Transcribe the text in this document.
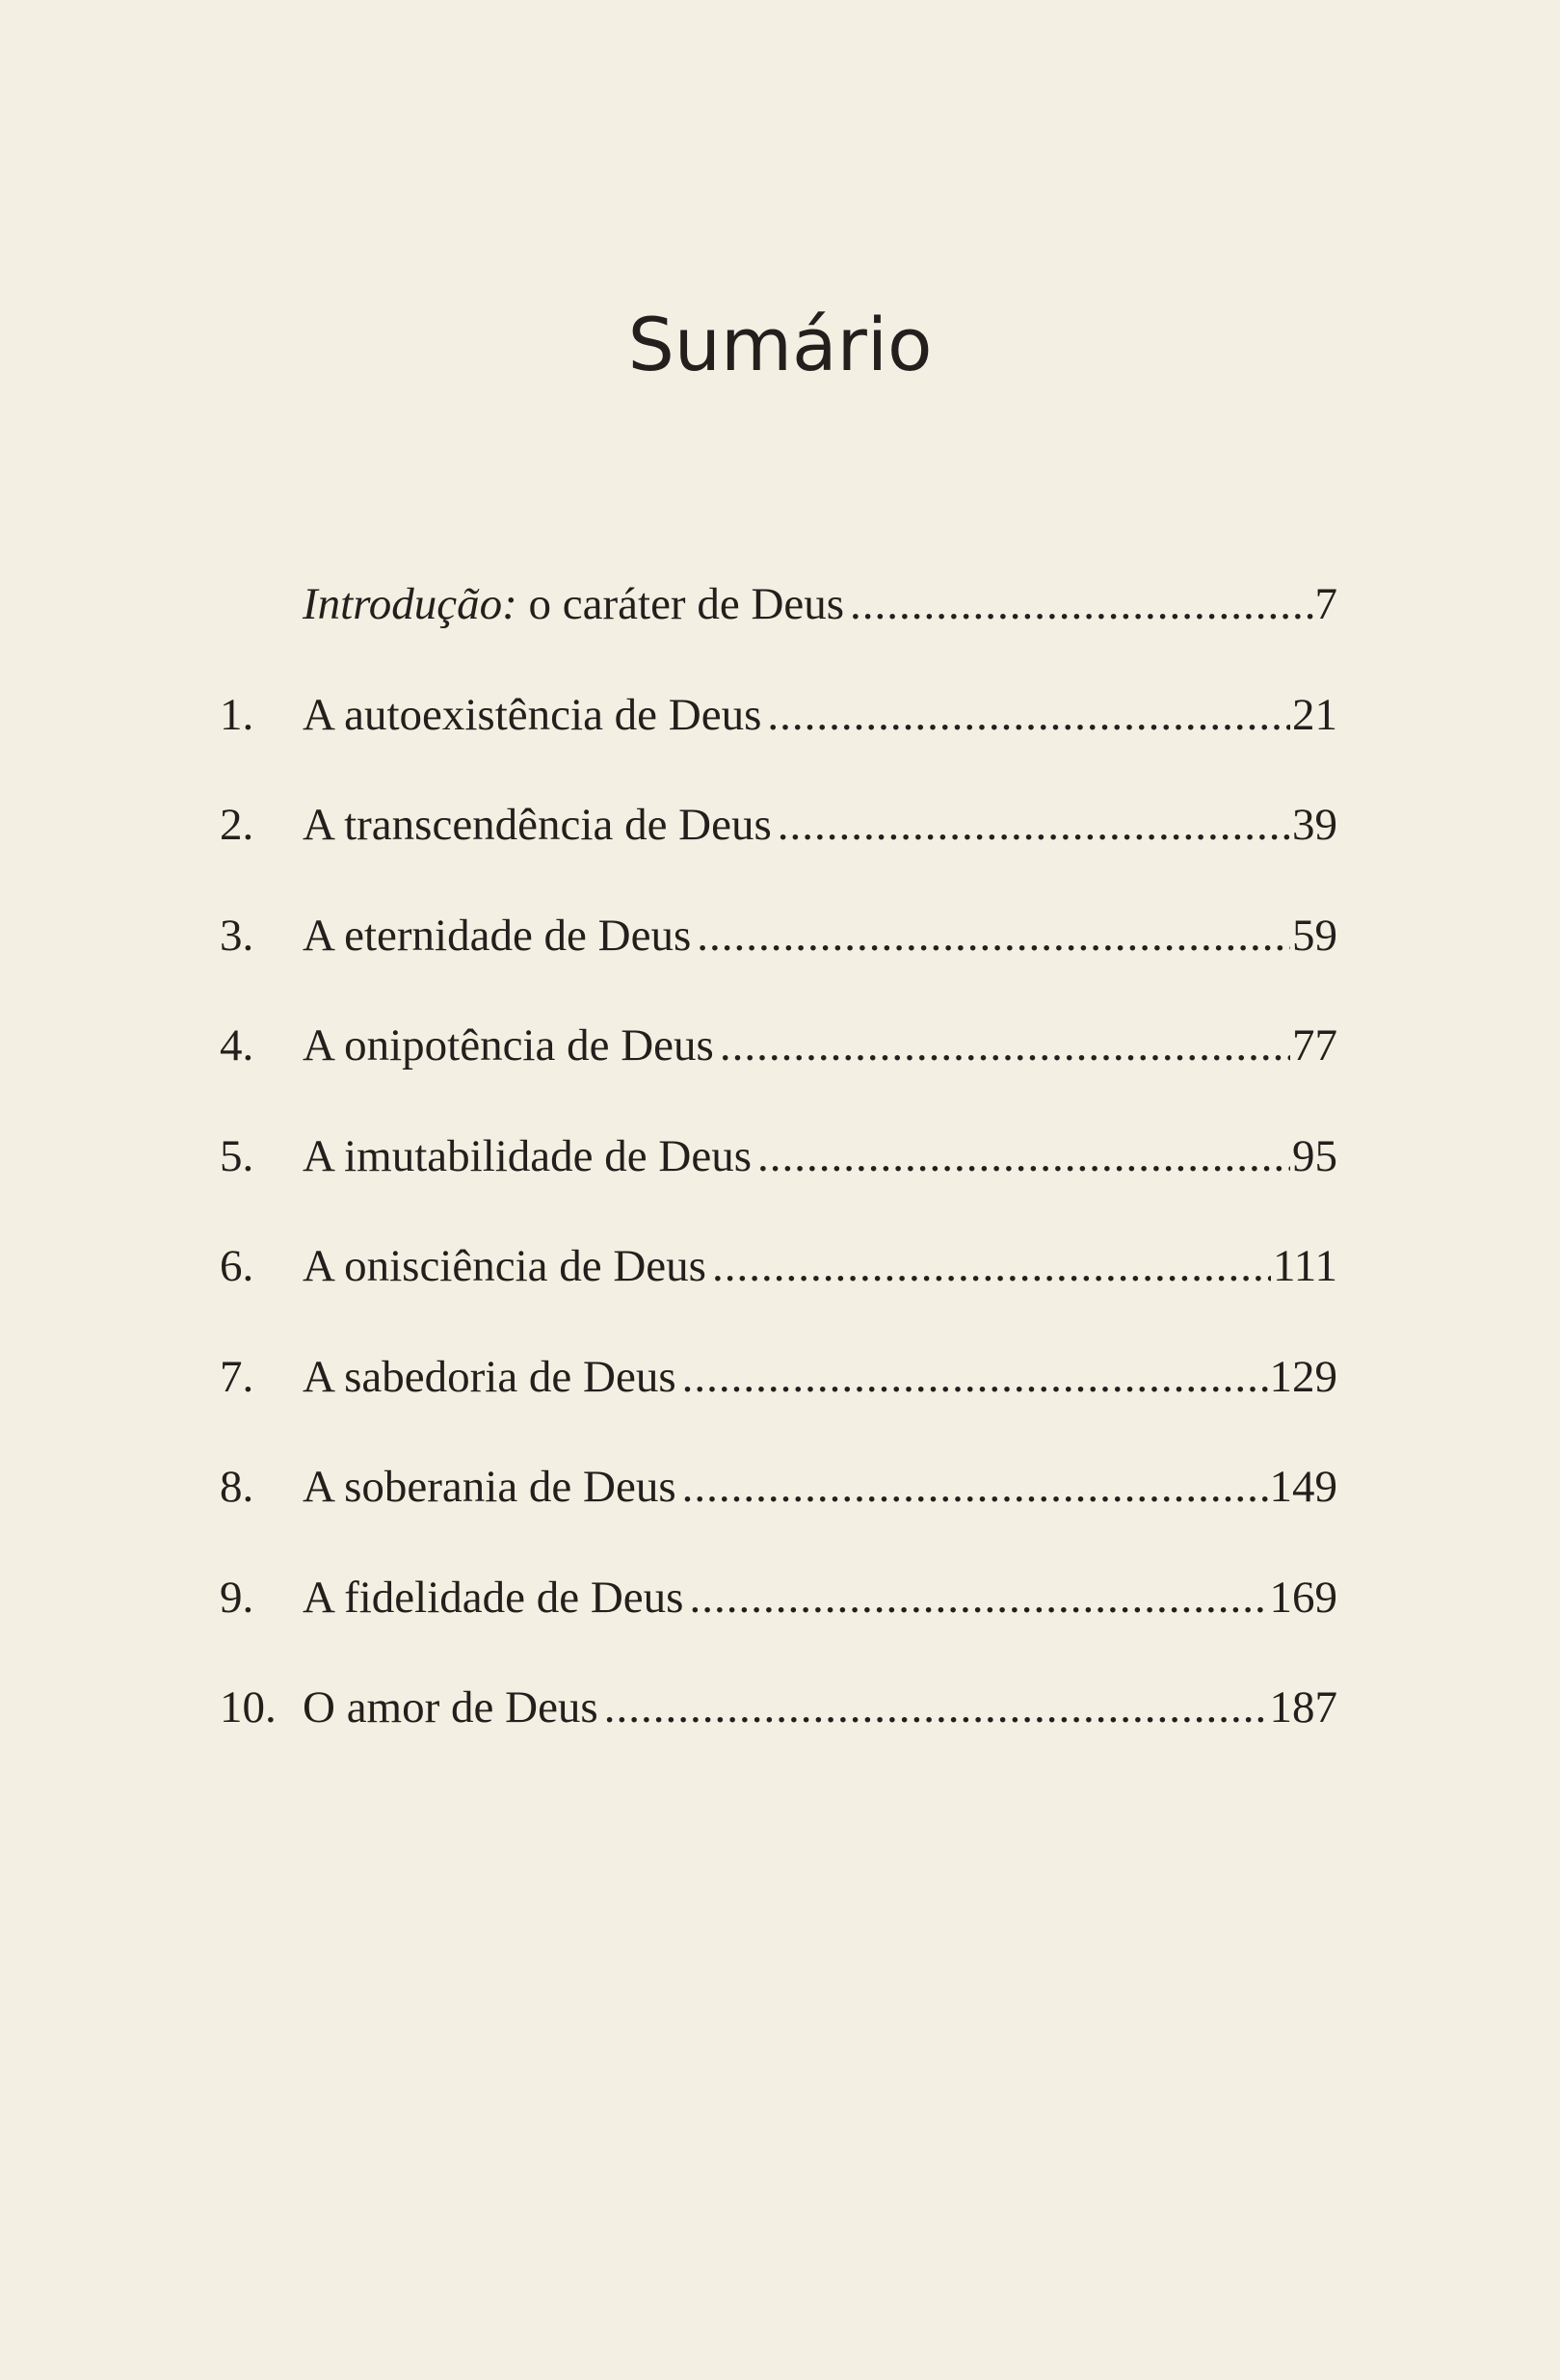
Sumário
Introdução: o caráter de Deus .....	7
1.	A autoexistência de Deus .....	21
2.	A transcendência de Deus .....	39
3.	A eternidade de Deus .....	59
4.	A onipotência de Deus .....	77
5.	A imutabilidade de Deus .....	95
6.	A onisciência de Deus .....	111
7.	A sabedoria de Deus .....	129
8.	A soberania de Deus .....	149
9.	A fidelidade de Deus .....	169
10. O amor de Deus .....	187
